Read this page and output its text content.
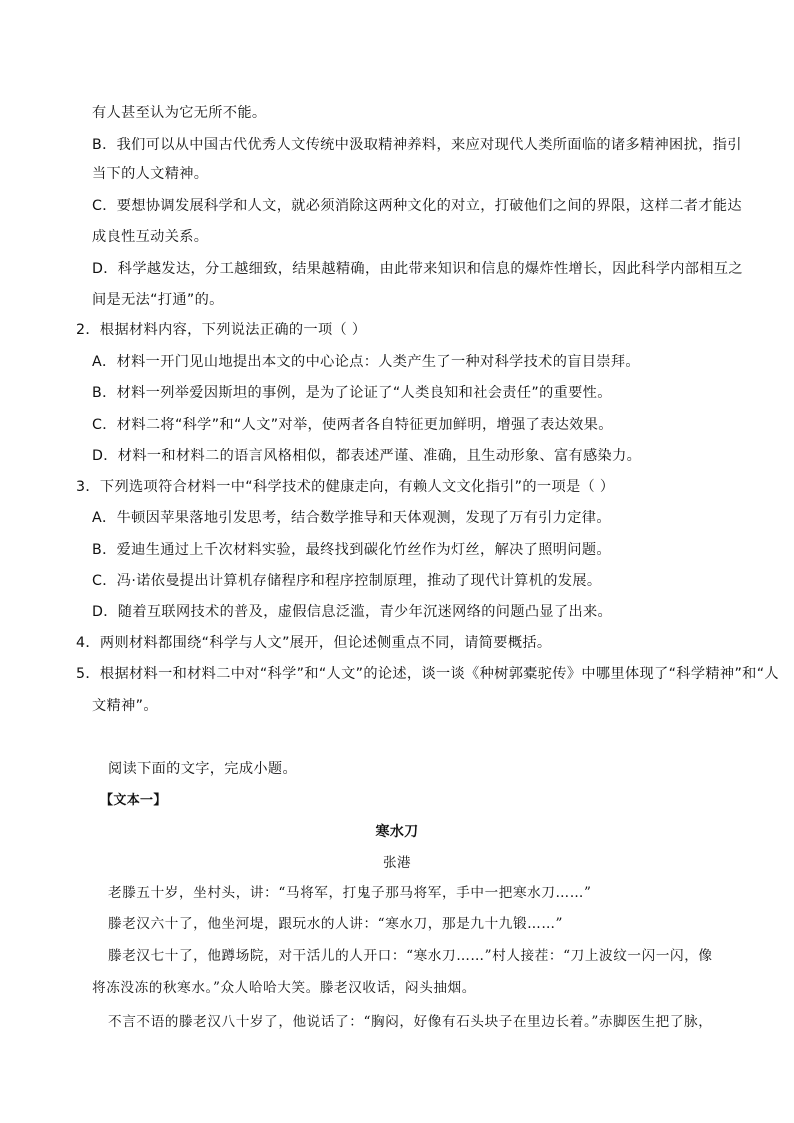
有人甚至认为它无所不能。
B．我们可以从中国古代优秀人文传统中汲取精神养料，来应对现代人类所面临的诸多精神困扰，指引
当下的人文精神。
C．要想协调发展科学和人文，就必须消除这两种文化的对立，打破他们之间的界限，这样二者才能达
成良性互动关系。
D．科学越发达，分工越细致，结果越精确，由此带来知识和信息的爆炸性增长，因此科学内部相互之
间是无法“打通”的。
2．根据材料内容，下列说法正确的一项（ ）
A．材料一开门见山地提出本文的中心论点：人类产生了一种对科学技术的盲目崇拜。
B．材料一列举爱因斯坦的事例，是为了论证了“人类良知和社会责任”的重要性。
C．材料二将“科学”和“人文”对举，使两者各自特征更加鲜明，增强了表达效果。
D．材料一和材料二的语言风格相似，都表述严谨、准确，且生动形象、富有感染力。
3．下列选项符合材料一中“科学技术的健康走向，有赖人文文化指引”的一项是（ ）
A．牛顿因苹果落地引发思考，结合数学推导和天体观测，发现了万有引力定律。
B．爱迪生通过上千次材料实验，最终找到碳化竹丝作为灯丝，解决了照明问题。
C．冯·诺依曼提出计算机存储程序和程序控制原理，推动了现代计算机的发展。
D．随着互联网技术的普及，虚假信息泛滥，青少年沉迷网络的问题凸显了出来。
4．两则材料都围绕“科学与人文”展开，但论述侧重点不同，请简要概括。
5．根据材料一和材料二中对“科学”和“人文”的论述，谈一谈《种树郭橐驼传》中哪里体现了“科学精神”和“人
文精神”。
阅读下面的文字，完成小题。
【文本一】
寒水刀
张港
老滕五十岁，坐村头，讲：“马将军，打鬼子那马将军，手中一把寒水刀……”
滕老汉六十了，他坐河堤，跟玩水的人讲：“寒水刀，那是九十九锻……”
滕老汉七十了，他蹲场院，对干活儿的人开口：“寒水刀……”村人接茬：“刀上波纹一闪一闪，像
将冻没冻的秋寒水。”众人哈哈大笑。滕老汉收话，闷头抽烟。
不言不语的滕老汉八十岁了，他说话了：“胸闷，好像有石头块子在里边长着。”赤脚医生把了脉，
